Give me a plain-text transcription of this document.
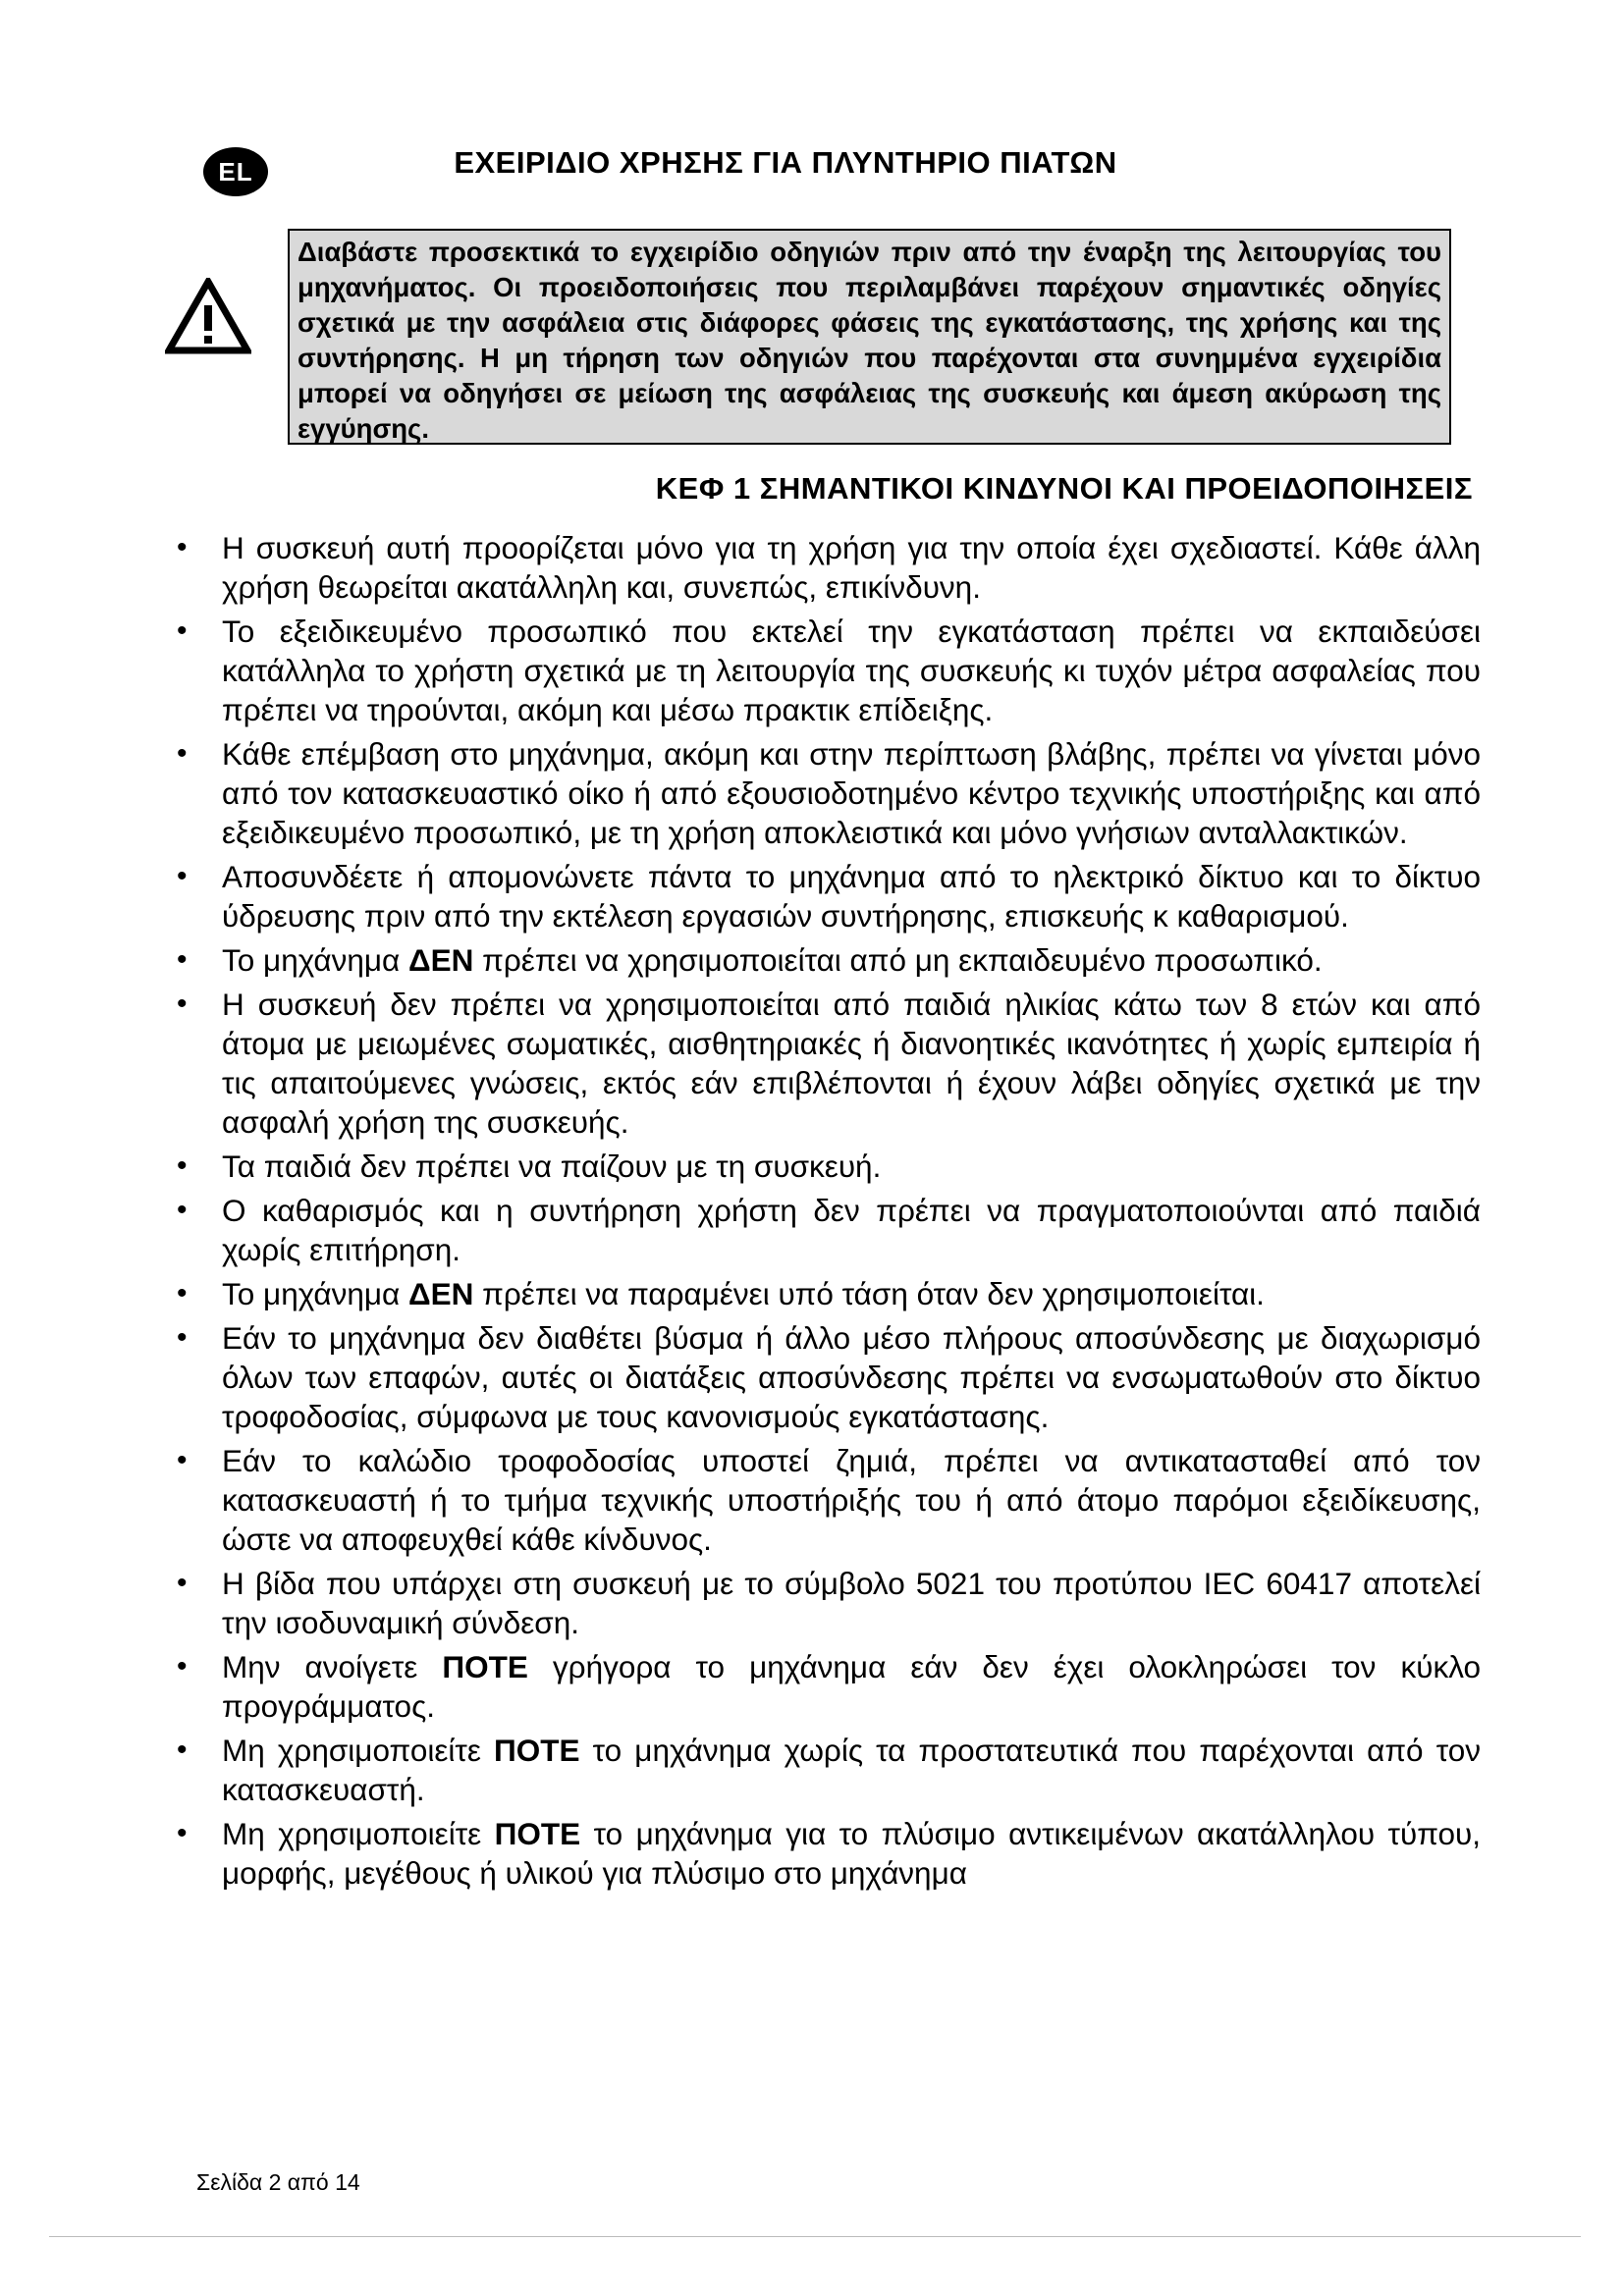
EL	ΕΧΕΙΡΙΔΙΟ ΧΡΗΣΗΣ ΓΙΑ ΠΛΥΝΤΗΡΙΟ ΠΙΑΤΩΝ
Διαβάστε προσεκτικά το εγχειρίδιο οδηγιών πριν από την έναρξη της λειτουργίας του μηχανήματος. Οι προειδοποιήσεις που περιλαμβάνει παρέχουν σημαντικές οδηγίες σχετικά με την ασφάλεια στις διάφορες φάσεις της εγκατάστασης, της χρήσης και της συντήρησης. Η μη τήρηση των οδηγιών που παρέχονται στα συνημμένα εγχειρίδια μπορεί να οδηγήσει σε μείωση της ασφάλειας της συσκευής και άμεση ακύρωση της εγγύησης.
ΚΕΦ 1 ΣΗΜΑΝΤΙΚΟΙ ΚΙΝΔΥΝΟΙ ΚΑΙ ΠΡΟΕΙΔΟΠΟΙΗΣΕΙΣ
• Η συσκευή αυτή προορίζεται μόνο για τη χρήση για την οποία έχει σχεδιαστεί. Κάθε άλλη χρήση θεωρείται ακατάλληλη και, συνεπώς, επικίνδυνη.
• Το εξειδικευμένο προσωπικό που εκτελεί την εγκατάσταση πρέπει να εκπαιδεύσει κατάλληλα το χρήστη σχετικά με τη λειτουργία της συσκευής κι τυχόν μέτρα ασφαλείας που πρέπει να τηρούνται, ακόμη και μέσω πρακτικ επίδειξης.
• Κάθε επέμβαση στο μηχάνημα, ακόμη και στην περίπτωση βλάβης, πρέπει να γίνεται μόνο από τον κατασκευαστικό οίκο ή από εξουσιοδοτημένο κέντρο τεχνικής υποστήριξης και από εξειδικευμένο προσωπικό, με τη χρήση αποκλειστικά και μόνο γνήσιων ανταλλακτικών.
• Αποσυνδέετε ή απομονώνετε πάντα το μηχάνημα από το ηλεκτρικό δίκτυο και το δίκτυο ύδρευσης πριν από την εκτέλεση εργασιών συντήρησης, επισκευής κ καθαρισμού.
• Το μηχάνημα ΔΕΝ πρέπει να χρησιμοποιείται από μη εκπαιδευμένο προσωπικό.
• Η συσκευή δεν πρέπει να χρησιμοποιείται από παιδιά ηλικίας κάτω των 8 ετών και από άτομα με μειωμένες σωματικές, αισθητηριακές ή διανοητικές ικανότητες ή χωρίς εμπειρία ή τις απαιτούμενες γνώσεις, εκτός εάν επιβλέπονται ή έχουν λάβει οδηγίες σχετικά με την ασφαλή χρήση της συσκευής.
• Τα παιδιά δεν πρέπει να παίζουν με τη συσκευή.
• Ο καθαρισμός και η συντήρηση χρήστη δεν πρέπει να πραγματοποιούνται από παιδιά χωρίς επιτήρηση.
• Το μηχάνημα ΔΕΝ πρέπει να παραμένει υπό τάση όταν δεν χρησιμοποιείται.
• Εάν το μηχάνημα δεν διαθέτει βύσμα ή άλλο μέσο πλήρους αποσύνδεσης με διαχωρισμό όλων των επαφών, αυτές οι διατάξεις αποσύνδεσης πρέπει να ενσωματωθούν στο δίκτυο τροφοδοσίας, σύμφωνα με τους κανονισμούς εγκατάστασης.
• Εάν το καλώδιο τροφοδοσίας υποστεί ζημιά, πρέπει να αντικατασταθεί από τον κατασκευαστή ή το τμήμα τεχνικής υποστήριξής του ή από άτομο παρόμοι εξειδίκευσης, ώστε να αποφευχθεί κάθε κίνδυνος.
• Η βίδα που υπάρχει στη συσκευή με το σύμβολο 5021 του προτύπου IEC 60417 αποτελεί την ισοδυναμική σύνδεση.
• Μην ανοίγετε ΠΟΤΕ γρήγορα το μηχάνημα εάν δεν έχει ολοκληρώσει τον κύκλο προγράμματος.
• Μη χρησιμοποιείτε ΠΟΤΕ το μηχάνημα χωρίς τα προστατευτικά που παρέχονται από τον κατασκευαστή.
• Μη χρησιμοποιείτε ΠΟΤΕ το μηχάνημα για το πλύσιμο αντικειμένων ακατάλληλου τύπου, μορφής, μεγέθους ή υλικού για πλύσιμο στο μηχάνημα
Σελίδα 2 από 14
